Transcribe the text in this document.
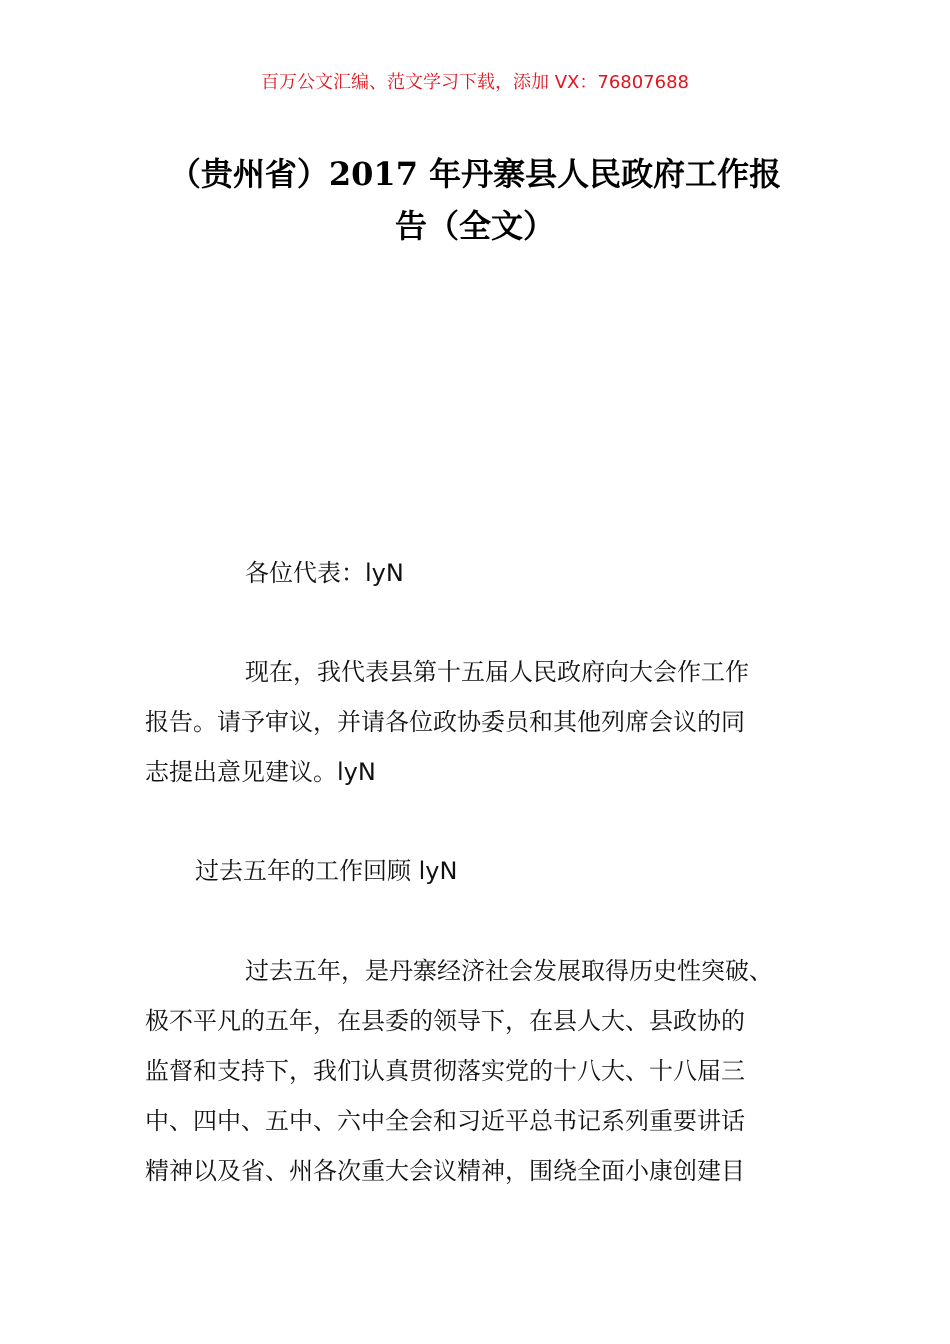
百万公文汇编、范文学习下载，添加 VX：76807688
（贵州省）2017 年丹寨县人民政府工作报
告（全文）
各位代表：lyN
现在，我代表县第十五届人民政府向大会作工作
报告。请予审议，并请各位政协委员和其他列席会议的同
志提出意见建议。lyN
过去五年的工作回顾 lyN
过去五年，是丹寨经济社会发展取得历史性突破、
极不平凡的五年，在县委的领导下，在县人大、县政协的
监督和支持下，我们认真贯彻落实党的十八大、十八届三
中、四中、五中、六中全会和习近平总书记系列重要讲话
精神以及省、州各次重大会议精神，围绕全面小康创建目
